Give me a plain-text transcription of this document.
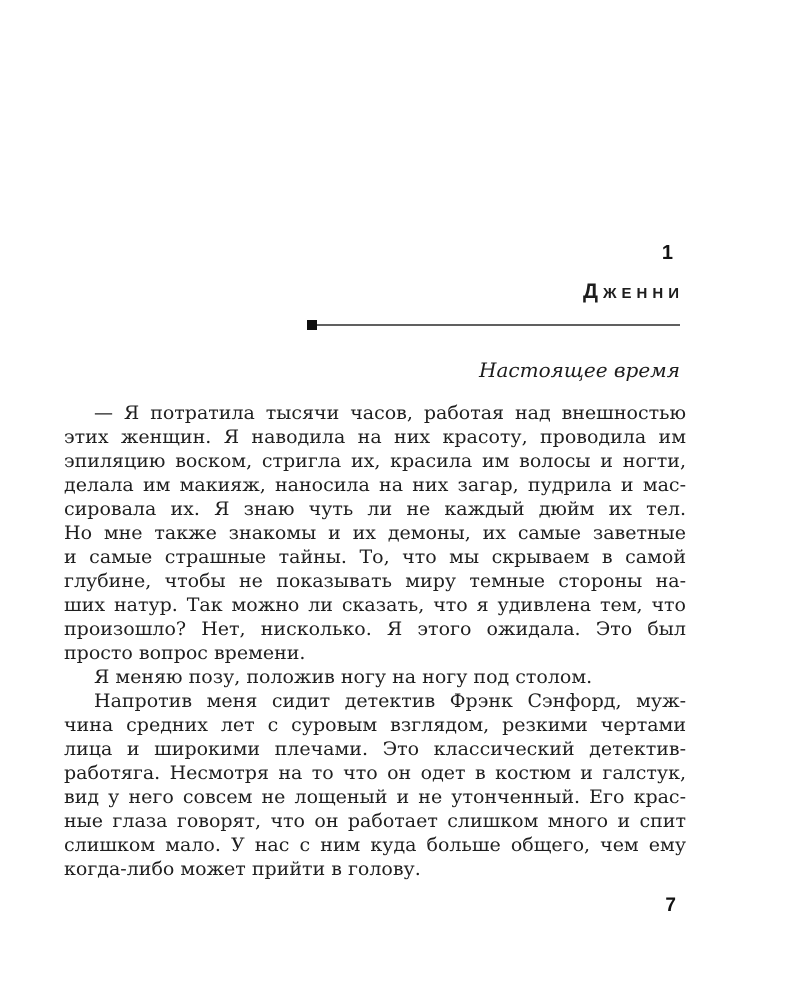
1
Дженни
Настоящее время
— Я потратила тысячи часов, работая над внешностью
этих женщин. Я наводила на них красоту, проводила им
эпиляцию воском, стригла их, красила им волосы и ногти,
делала им макияж, наносила на них загар, пудрила и мас-
сировала их. Я знаю чуть ли не каждый дюйм их тел.
Но мне также знакомы и их демоны, их самые заветные
и самые страшные тайны. То, что мы скрываем в самой
глубине, чтобы не показывать миру темные стороны на-
ших натур. Так можно ли сказать, что я удивлена тем, что
произошло? Нет, нисколько. Я этого ожидала. Это был
просто вопрос времени.
Я меняю позу, положив ногу на ногу под столом.
Напротив меня сидит детектив Фрэнк Сэнфорд, муж-
чина средних лет с суровым взглядом, резкими чертами
лица и широкими плечами. Это классический детектив-
работяга. Несмотря на то что он одет в костюм и галстук,
вид у него совсем не лощеный и не утонченный. Его крас-
ные глаза говорят, что он работает слишком много и спит
слишком мало. У нас с ним куда больше общего, чем ему
когда-либо может прийти в голову.
7
